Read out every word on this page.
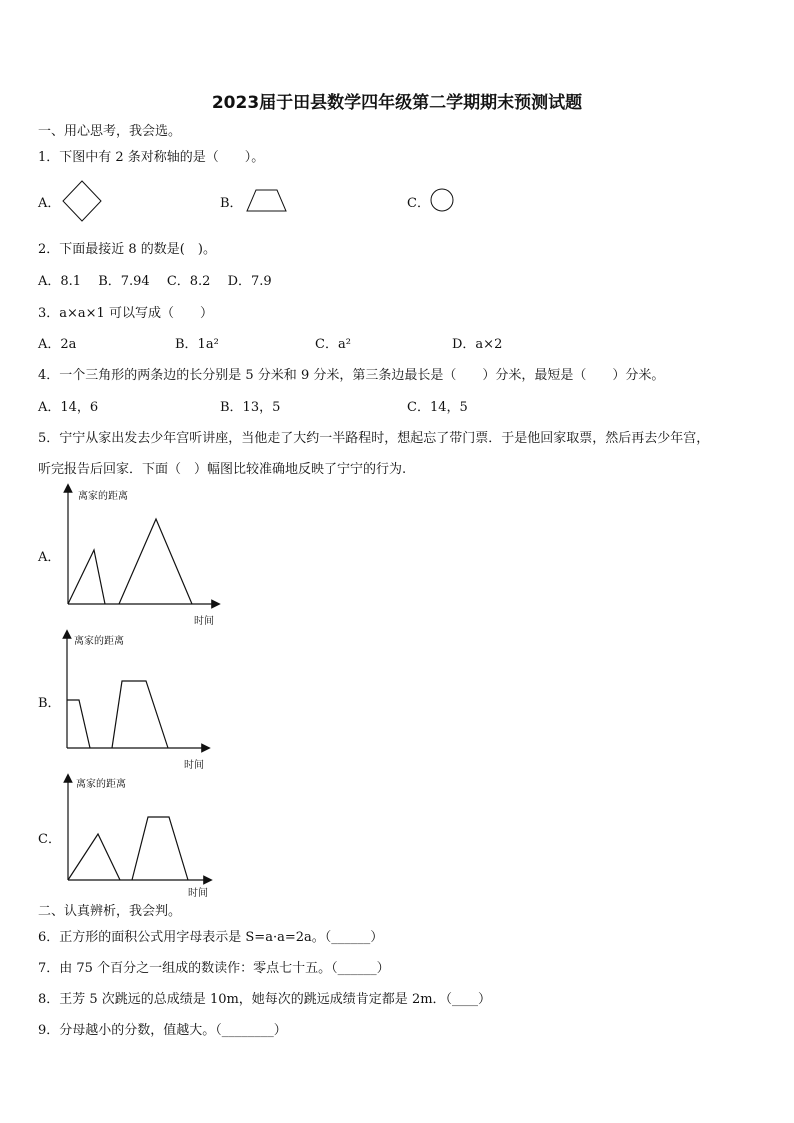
2023届于田县数学四年级第二学期期末预测试题
一、用心思考，我会选。
1．下图中有 2 条对称轴的是（　　）。
A．	B．	C．
2．下面最接近 8 的数是(　)。
A．8.1　 B．7.94　 C．8.2　 D．7.9
3．a×a×1 可以写成（　　）
A．2a	B．1a²	C．a²	D．a×2
4．一个三角形的两条边的长分别是 5 分米和 9 分米，第三条边最长是（　　）分米，最短是（　　）分米。
A．14，6	B．13，5	C．14，5
5．宁宁从家出发去少年宫听讲座，当他走了大约一半路程时，想起忘了带门票．于是他回家取票，然后再去少年宫，
听完报告后回家．下面（　）幅图比较准确地反映了宁宁的行为.
A．
离家的距离
时间
B．
离家的距离
时间
C．
离家的距离
时间
二、认真辨析，我会判。
6．正方形的面积公式用字母表示是 S=a·a=2a。（______）
7．由 75 个百分之一组成的数读作：零点七十五。（______）
8．王芳 5 次跳远的总成绩是 10m，她每次的跳远成绩肯定都是 2m．（____）
9．分母越小的分数，值越大。（________）
